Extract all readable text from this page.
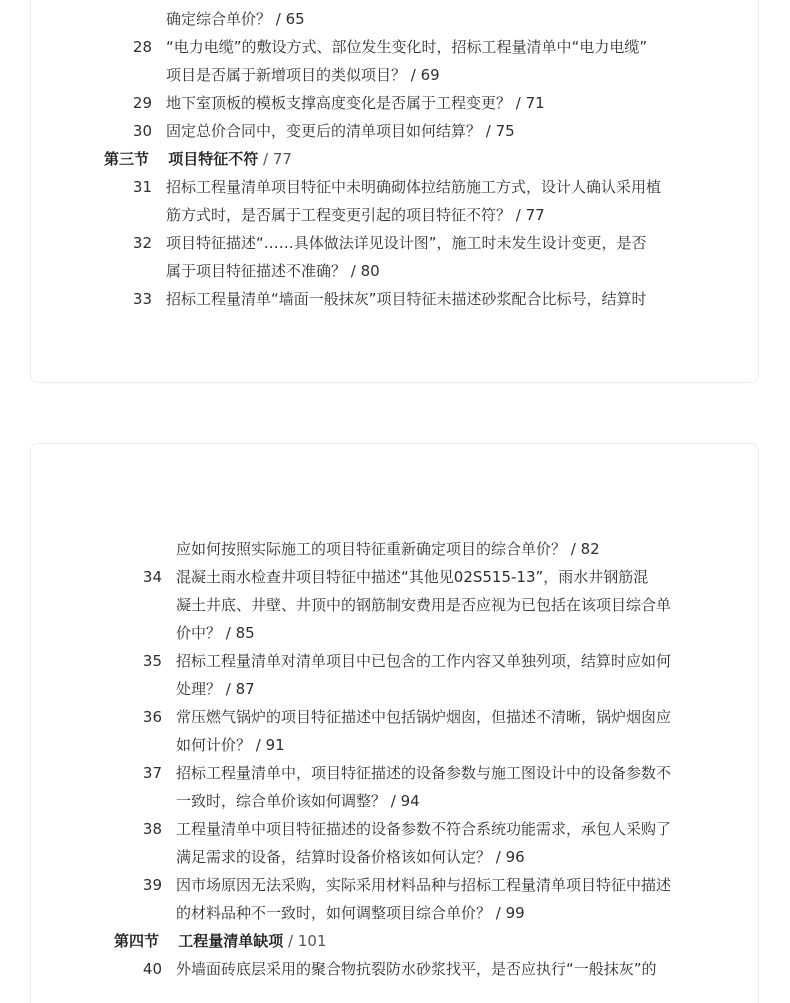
确定综合单价？ / 65
28 “电力电缆”的敷设方式、部位发生变化时，招标工程量清单中“电力电缆”
项目是否属于新增项目的类似项目？ / 69
29 地下室顶板的模板支撑高度变化是否属于工程变更？ / 71
30 固定总价合同中，变更后的清单项目如何结算？ / 75
第三节 项目特征不符 / 77
31 招标工程量清单项目特征中未明确砌体拉结筋施工方式，设计人确认采用植
筋方式时，是否属于工程变更引起的项目特征不符？ / 77
32 项目特征描述“……具体做法详见设计图”，施工时未发生设计变更，是否
属于项目特征描述不准确？ / 80
33 招标工程量清单“墙面一般抹灰”项目特征未描述砂浆配合比标号，结算时
应如何按照实际施工的项目特征重新确定项目的综合单价？ / 82
34 混凝土雨水检查井项目特征中描述“其他见02S515-13”，雨水井钢筋混
凝土井底、井壁、井顶中的钢筋制安费用是否应视为已包括在该项目综合单
价中？ / 85
35 招标工程量清单对清单项目中已包含的工作内容又单独列项，结算时应如何
处理？ / 87
36 常压燃气锅炉的项目特征描述中包括锅炉烟囱，但描述不清晰，锅炉烟囱应
如何计价？ / 91
37 招标工程量清单中，项目特征描述的设备参数与施工图设计中的设备参数不
一致时，综合单价该如何调整？ / 94
38 工程量清单中项目特征描述的设备参数不符合系统功能需求，承包人采购了
满足需求的设备，结算时设备价格该如何认定？ / 96
39 因市场原因无法采购，实际采用材料品种与招标工程量清单项目特征中描述
的材料品种不一致时，如何调整项目综合单价？ / 99
第四节 工程量清单缺项 / 101
40 外墙面砖底层采用的聚合物抗裂防水砂浆找平，是否应执行“一般抹灰”的
